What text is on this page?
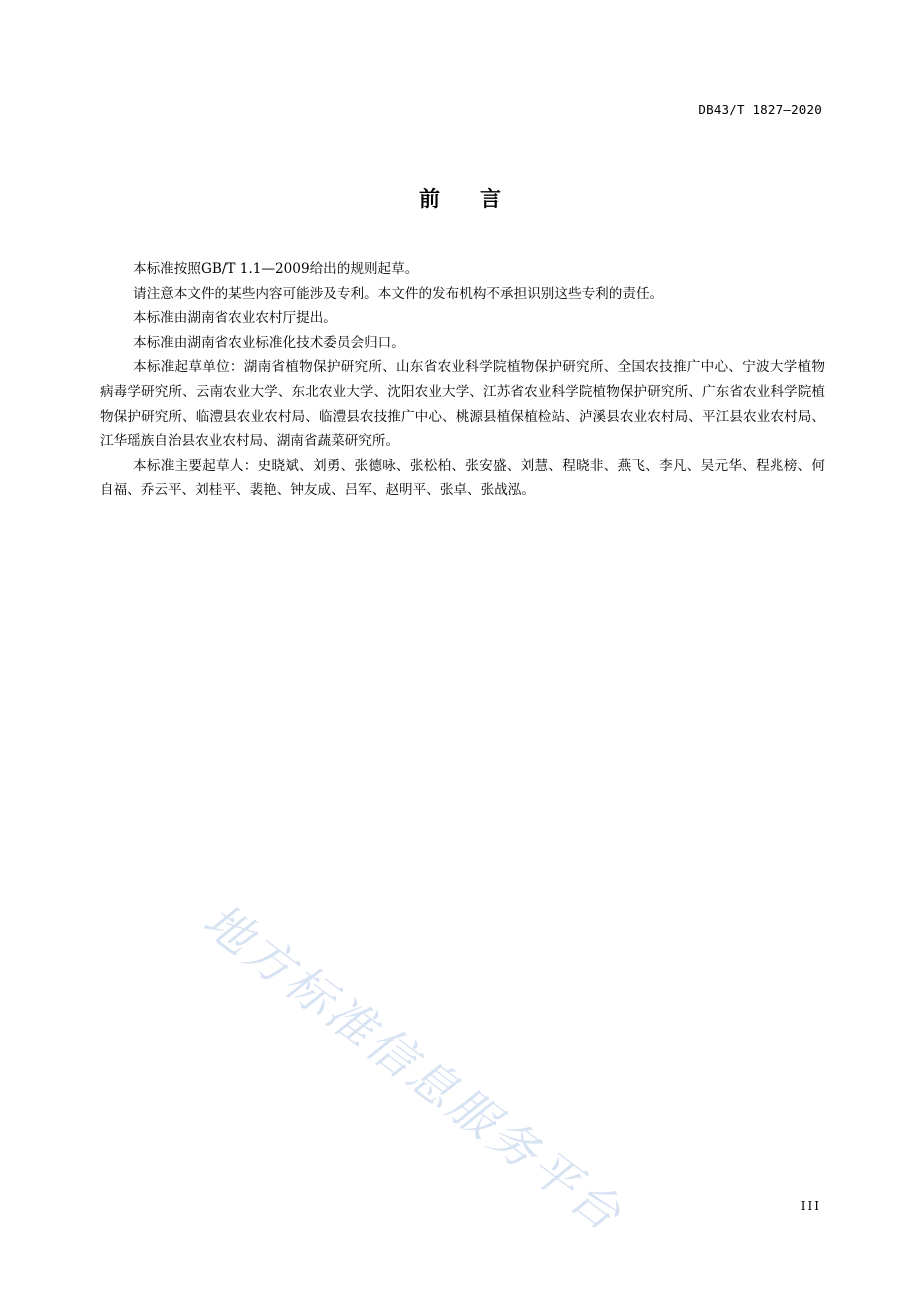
DB43/T 1827—2020
前 言

本标准按照GB/T 1.1—2009给出的规则起草。

请注意本文件的某些内容可能涉及专利。本文件的发布机构不承担识别这些专利的责任。

本标准由湖南省农业农村厅提出。

本标准由湖南省农业标准化技术委员会归口。

本标准起草单位：湖南省植物保护研究所、山东省农业科学院植物保护研究所、全国农技推广中心、宁波大学植物病毒学研究所、云南农业大学、东北农业大学、沈阳农业大学、江苏省农业科学院植物保护研究所、广东省农业科学院植物保护研究所、临澧县农业农村局、临澧县农技推广中心、桃源县植保植检站、泸溪县农业农村局、平江县农业农村局、江华瑶族自治县农业农村局、湖南省蔬菜研究所。

本标准主要起草人：史晓斌、刘勇、张德咏、张松柏、张安盛、刘慧、程晓非、燕飞、李凡、吴元华、程兆榜、何自福、乔云平、刘桂平、裴艳、钟友成、吕军、赵明平、张卓、张战泓。

地方标准信息服务平台	III
